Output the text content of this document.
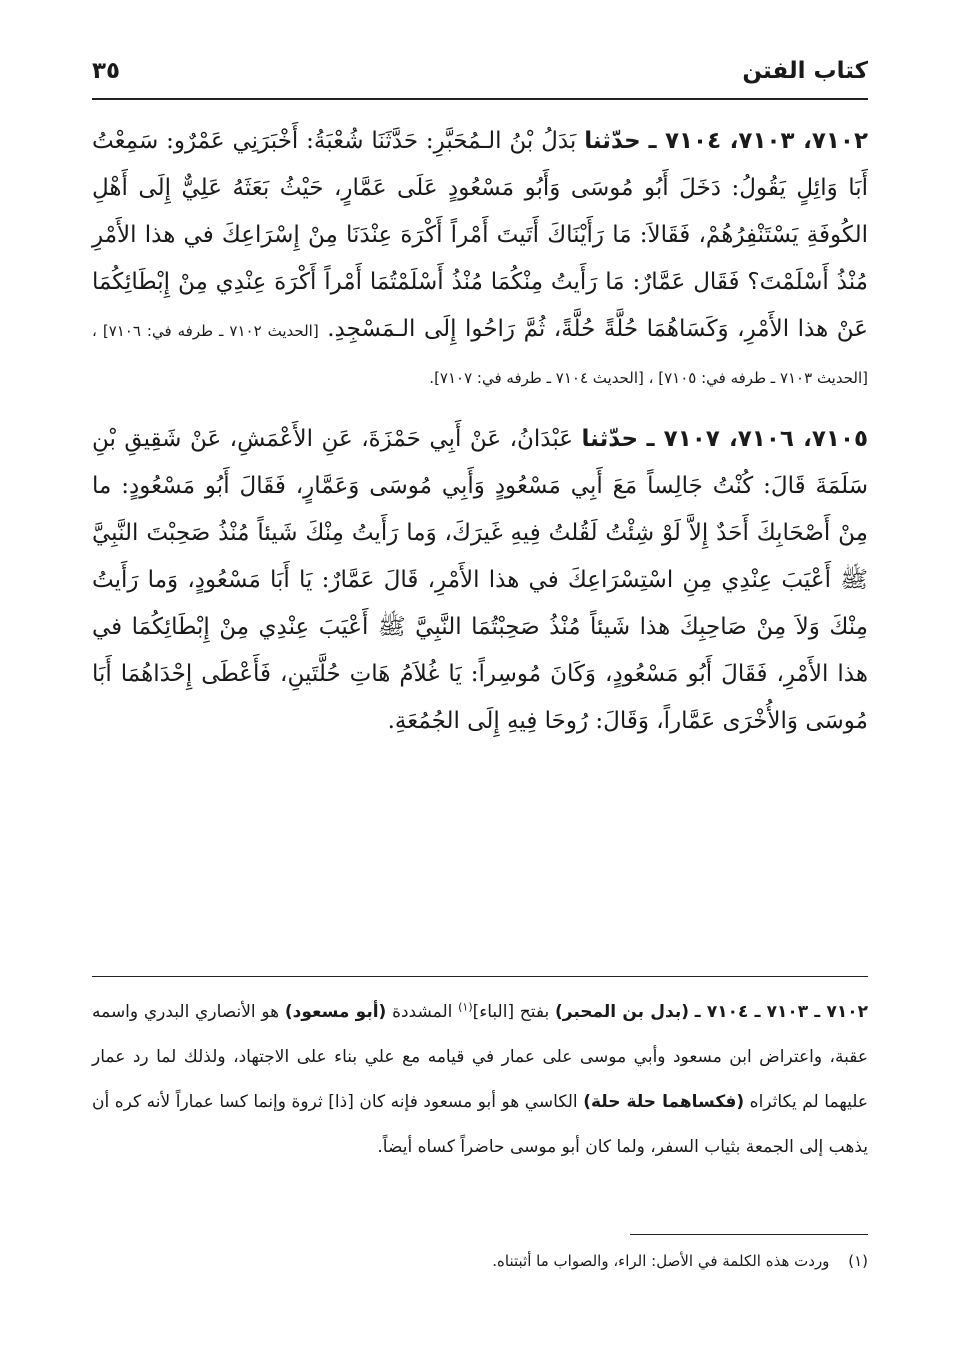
كتاب الفتن
٣٥

٧١٠٢، ٧١٠٣، ٧١٠٤ ـ حدّثنا بَدَلُ بْنُ الـمُحَبَّرِ: حَدَّثَنَا شُعْبَةُ: أَخْبَرَنِي عَمْرٌو: سَمِعْتُ أَبَا وَائِلٍ يَقُولُ: دَخَلَ أَبُو مُوسَى وَأَبُو مَسْعُودٍ عَلَى عَمَّارٍ، حَيْثُ بَعَثَهُ عَلِيٌّ إِلَى أَهْلِ الكُوفَةِ يَسْتَنْفِرُهُمْ، فَقَالاَ: مَا رَأَيْنَاكَ أَتَيتَ أَمْراً أَكْرَهَ عِنْدَنَا مِنْ إِسْرَاعِكَ في هذا الأَمْرِ مُنْذُ أَسْلَمْتَ؟ فَقَال عَمَّارٌ: مَا رَأَيتُ مِنْكُمَا مُنْذُ أَسْلَمْتُمَا أَمْراً أَكْرَهَ عِنْدِي مِنْ إِبْطَائِكُمَا عَنْ هذا الأَمْرِ، وَكَسَاهُمَا حُلَّةً حُلَّةً، ثُمَّ رَاحُوا إِلَى الـمَسْجِدِ. [الحديث ٧١٠٢ ـ طرفه في: ٧١٠٦] ، [الحديث ٧١٠٣ ـ طرفه في: ٧١٠٥] ، [الحديث ٧١٠٤ ـ طرفه في: ٧١٠٧].

٧١٠٥، ٧١٠٦، ٧١٠٧ ـ حدّثنا عَبْدَانُ، عَنْ أَبِي حَمْزَةَ، عَنِ الأَعْمَشِ، عَنْ شَقِيقِ بْنِ سَلَمَةَ قَالَ: كُنْتُ جَالِساً مَعَ أَبِي مَسْعُودٍ وَأَبِي مُوسَى وَعَمَّارٍ، فَقَالَ أَبُو مَسْعُودٍ: ما مِنْ أَصْحَابِكَ أَحَدٌ إِلاَّ لَوْ شِئْتُ لَقُلتُ فِيهِ غَيرَكَ، وَما رَأَيتُ مِنْكَ شَيئاً مُنْذُ صَحِبْتَ النَّبِيَّ ﷺ أَعْيَبَ عِنْدِي مِنِ اسْتِسْرَاعِكَ في هذا الأَمْرِ، قَالَ عَمَّارٌ: يَا أَبَا مَسْعُودٍ، وَما رَأَيتُ مِنْكَ وَلاَ مِنْ صَاحِبِكَ هذا شَيئاً مُنْذُ صَحِبْتُمَا النَّبِيَّ ﷺ أَعْيَبَ عِنْدِي مِنْ إِبْطَائِكُمَا في هذا الأَمْرِ، فَقَالَ أَبُو مَسْعُودٍ، وَكَانَ مُوسِراً: يَا غُلاَمُ هَاتِ حُلَّتَينِ، فَأَعْطَى إِحْدَاهُمَا أَبَا مُوسَى وَالأُخْرَى عَمَّاراً، وَقَالَ: رُوحَا فِيهِ إِلَى الجُمُعَةِ.

٧١٠٢ ـ ٧١٠٣ ـ ٧١٠٤ ـ (بدل بن المحبر) بفتح [الباء]$^{(١)}$ المشددة (أبو مسعود) هو الأنصاري البدري واسمه عقبة، واعتراض ابن مسعود وأبي موسى على عمار في قيامه مع علي بناء على الاجتهاد، ولذلك لما رد عمار عليهما لم يكاثراه (فكساهما حلة حلة) الكاسي هو أبو مسعود فإنه كان [ذا] ثروة وإنما كسا عماراً لأنه كره أن يذهب إلى الجمعة بثياب السفر، ولما كان أبو موسى حاضراً كساه أيضاً.
(١) وردت هذه الكلمة في الأصل: الراء، والصواب ما أثبتناه.
